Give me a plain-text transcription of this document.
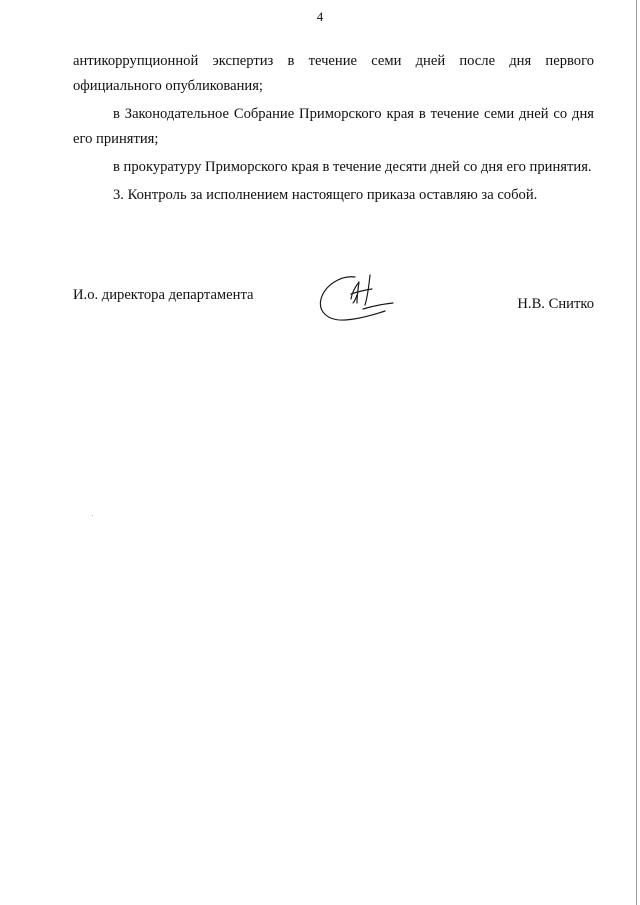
4

антикоррупционной экспертиз в течение семи дней после дня первого официального опубликования;

в Законодательное Собрание Приморского края в течение семи дней со дня его принятия;

в прокуратуру Приморского края в течение десяти дней со дня его принятия.

3. Контроль за исполнением настоящего приказа оставляю за собой.

И.о. директора департамента
Н.В. Снитко
